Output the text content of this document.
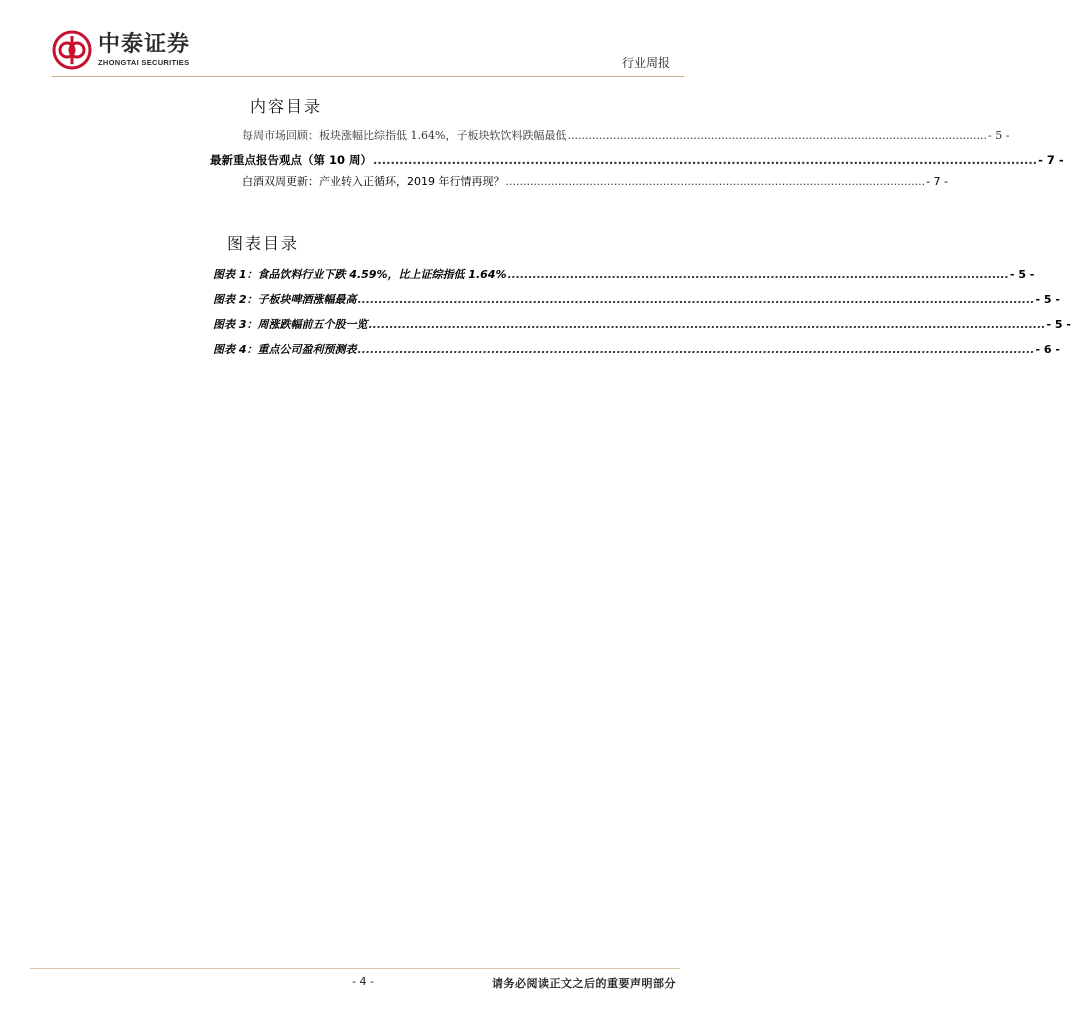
中泰证券
ZHONGTAI SECURITIES	行业周报
内容目录
每周市场回顾：板块涨幅比综指低 1.64%，子板块软饮料跌幅最低 ........................................................................................................................ - 5 -
最新重点报告观点（第 10 周） ........................................................................................................................................................ - 7 -
白酒双周更新：产业转入正循环，2019 年行情再现？ ........................................................................................................................ - 7 -
图表目录
图表 1：食品饮料行业下跌 4.59%，比上证综指低 1.64% ........................................................................................................................ - 5 -
图表 2：子板块啤酒涨幅最高 .................................................................................................................................................................. - 5 -
图表 3：周涨跌幅前五个股一览 .................................................................................................................................................................. - 5 -
图表 4：重点公司盈利预测表 .................................................................................................................................................................. - 6 -
- 4 -	请务必阅读正文之后的重要声明部分
